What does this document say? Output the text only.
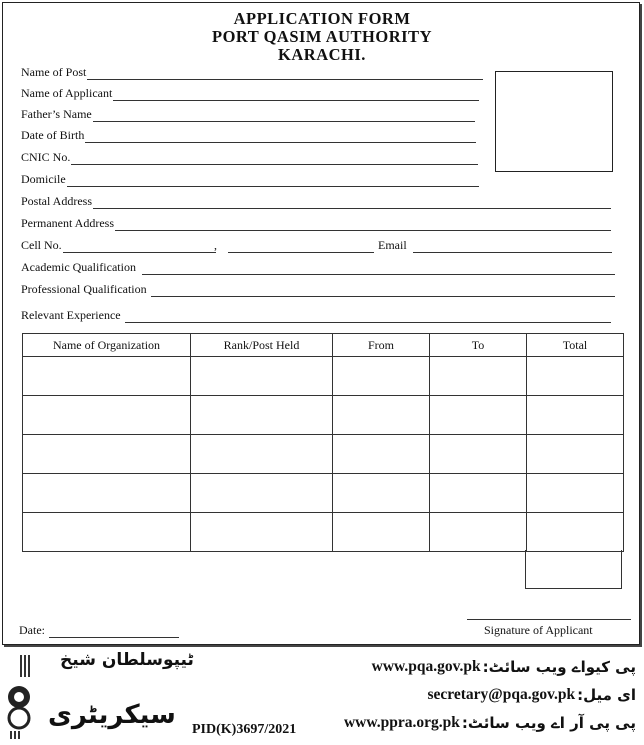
APPLICATION FORM
PORT QASIM AUTHORITY
KARACHI.
Name of Post
Name of Applicant
Father’s Name
Date of Birth
CNIC No.
Domicile
Postal Address
Permanent Address
Cell No.	,	Email
Academic Qualification
Professional Qualification
Relevant Experience
Name of Organization	Rank/Post Held	From	To	Total

Date:	Signature of Applicant
ٹیپوسلطان شیخ
سیکریٹری PID(K)3697/2021
www.pqa.gov.pk پی کیواے ویب سائٹ:
secretary@pqa.gov.pk ای میل:
www.ppra.org.pk پی پی آر اے ویب سائٹ:
